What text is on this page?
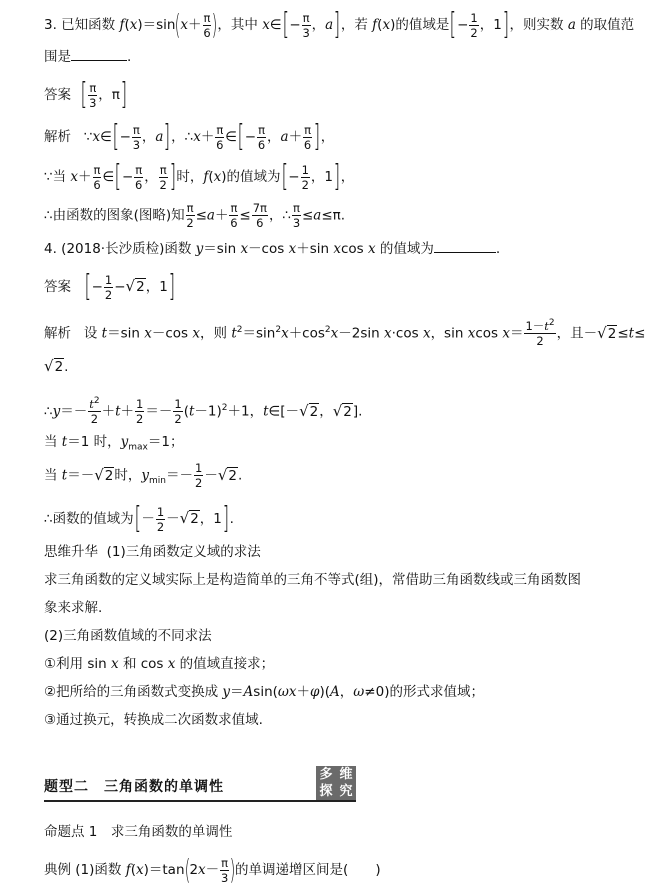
3. 已知函数 $f(x)=\sin(x+ \frac{\pi}{6}$ )，其中 x∈[− $\frac{\pi}{3}$ ，a]，若 f(x)的值域是[− $\frac{1}{2}$ ，1]，则实数 a 的取值范
围是	.
答案 [ $\frac{\pi}{3}$ ，π]
解析   ∵x∈[− $\frac{\pi}{3}$ ，a]，∴x＋ $\frac{\pi}{6}$ ∈[− $\frac{\pi}{6}$ ，$a+ \frac{\pi}{6}$ ]，
∵当 $x+ \frac{\pi}{6}$ ∈[− $\frac{\pi}{6}$ ， $\frac{\pi}{2}$ ]时，f(x)的值域为[− $\frac{1}{2}$ ，1]，
∴由函数的图象(图略)知 $\frac{\pi}{2} \le a+ \frac{\pi}{6} \le \frac{7\pi}{6}$ ，∴ $\frac{\pi}{3} \le a\le\pi$.
4. (2018·长沙质检)函数 y＝sin x－cos x＋sin xcos x 的值域为	.
答案 [− $\frac{1}{2} -√2$，1]
解析   设 t＝sin x－cos x，则 $t^2=\sin^2x+\cos^2x-2\sin$ x·cos x，sin xcos $x= \frac{1-t^2}{2}$ ，且－√2≤t≤
√2.
∴y＝－ $\frac{t^2}{2} +t+ \frac{1}{2} =- \frac{1}{2} (t-1)^2+1$，t∈[－√2，√2].
当 t＝1 时，$y_{max}=1$；
当 t＝－√2时，$y_{min}=- \frac{1}{2} -√2$.
∴函数的值域为[－ $\frac{1}{2} -√2$，1].
思维升华 (1)三角函数定义域的求法
求三角函数的定义域实际上是构造简单的三角不等式(组)，常借助三角函数线或三角函数图
象来求解.
(2)三角函数值域的不同求法
①利用 sin x 和 cos x 的值域直接求；
②把所给的三角函数式变换成 y＝Asin(ωx＋φ)(A，ω≠0)的形式求值域；
③通过换元，转换成二次函数求值域.
题型二　三角函数的单调性
多 维
探 究
命题点 1　求三角函数的单调性
典例 (1)函数 $f(x)=\tan(2x- \frac{\pi}{3}$ )的单调递增区间是(　　)
